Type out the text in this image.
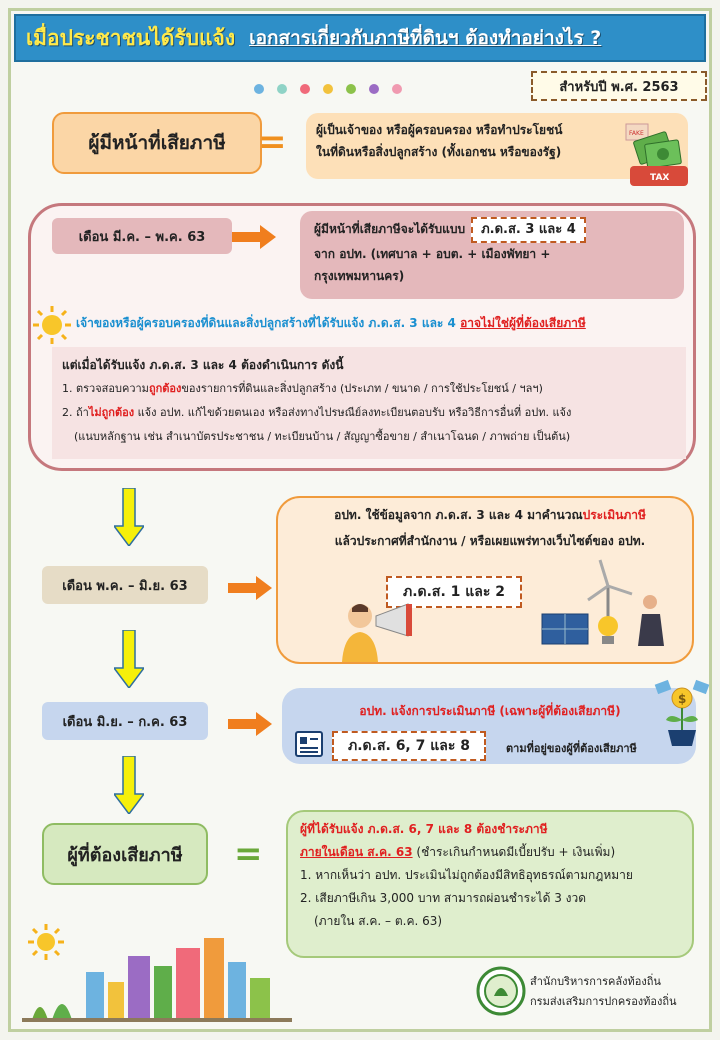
เมื่อประชาชนได้รับแจ้ง เอกสารเกี่ยวกับภาษีที่ดินฯ ต้องทำอย่างไร ?
สำหรับปี พ.ศ. 2563
ผู้มีหน้าที่เสียภาษี = ผู้เป็นเจ้าของ หรือผู้ครอบครอง หรือทำประโยชน์
ในที่ดินหรือสิ่งปลูกสร้าง (ทั้งเอกชน หรือของรัฐ)
FAKE
TAX
เดือน มี.ค. – พ.ค. 63
ผู้มีหน้าที่เสียภาษีจะได้รับแบบ ภ.ด.ส. 3 และ 4
จาก อปท. (เทศบาล + อบต. + เมืองพัทยา +
กรุงเทพมหานคร)
เจ้าของหรือผู้ครอบครองที่ดินและสิ่งปลูกสร้างที่ได้รับแจ้ง ภ.ด.ส. 3 และ 4 อาจไม่ใช่ผู้ที่ต้องเสียภาษี
แต่เมื่อได้รับแจ้ง ภ.ด.ส. 3 และ 4 ต้องดำเนินการ ดังนี้
1. ตรวจสอบความถูกต้องของรายการที่ดินและสิ่งปลูกสร้าง (ประเภท / ขนาด / การใช้ประโยชน์ / ฯลฯ)
2. ถ้าไม่ถูกต้อง แจ้ง อปท. แก้ไขด้วยตนเอง หรือส่งทางไปรษณีย์ลงทะเบียนตอบรับ หรือวิธีการอื่นที่ อปท. แจ้ง
(แนบหลักฐาน เช่น สำเนาบัตรประชาชน / ทะเบียนบ้าน / สัญญาซื้อขาย / สำเนาโฉนด / ภาพถ่าย เป็นต้น)
อปท. ใช้ข้อมูลจาก ภ.ด.ส. 3 และ 4 มาคำนวณประเมินภาษี
แล้วประกาศที่สำนักงาน / หรือเผยแพร่ทางเว็บไซต์ของ อปท.
เดือน พ.ค. – มิ.ย. 63	ภ.ด.ส. 1 และ 2
อปท. แจ้งการประเมินภาษี (เฉพาะผู้ที่ต้องเสียภาษี)
ภ.ด.ส. 6, 7 และ 8	ตามที่อยู่ของผู้ที่ต้องเสียภาษี
เดือน มิ.ย. – ก.ค. 63
$
ผู้ที่ต้องเสียภาษี	=
ผู้ที่ได้รับแจ้ง ภ.ด.ส. 6, 7 และ 8 ต้องชำระภาษี
ภายในเดือน ส.ค. 63 (ชำระเกินกำหนดมีเบี้ยปรับ + เงินเพิ่ม)
1. หากเห็นว่า อปท. ประเมินไม่ถูกต้องมีสิทธิอุทธรณ์ตามกฎหมาย
2. เสียภาษีเกิน 3,000 บาท สามารถผ่อนชำระได้ 3 งวด
(ภายใน ส.ค. – ต.ค. 63)
สำนักบริหารการคลังท้องถิ่น
กรมส่งเสริมการปกครองท้องถิ่น
